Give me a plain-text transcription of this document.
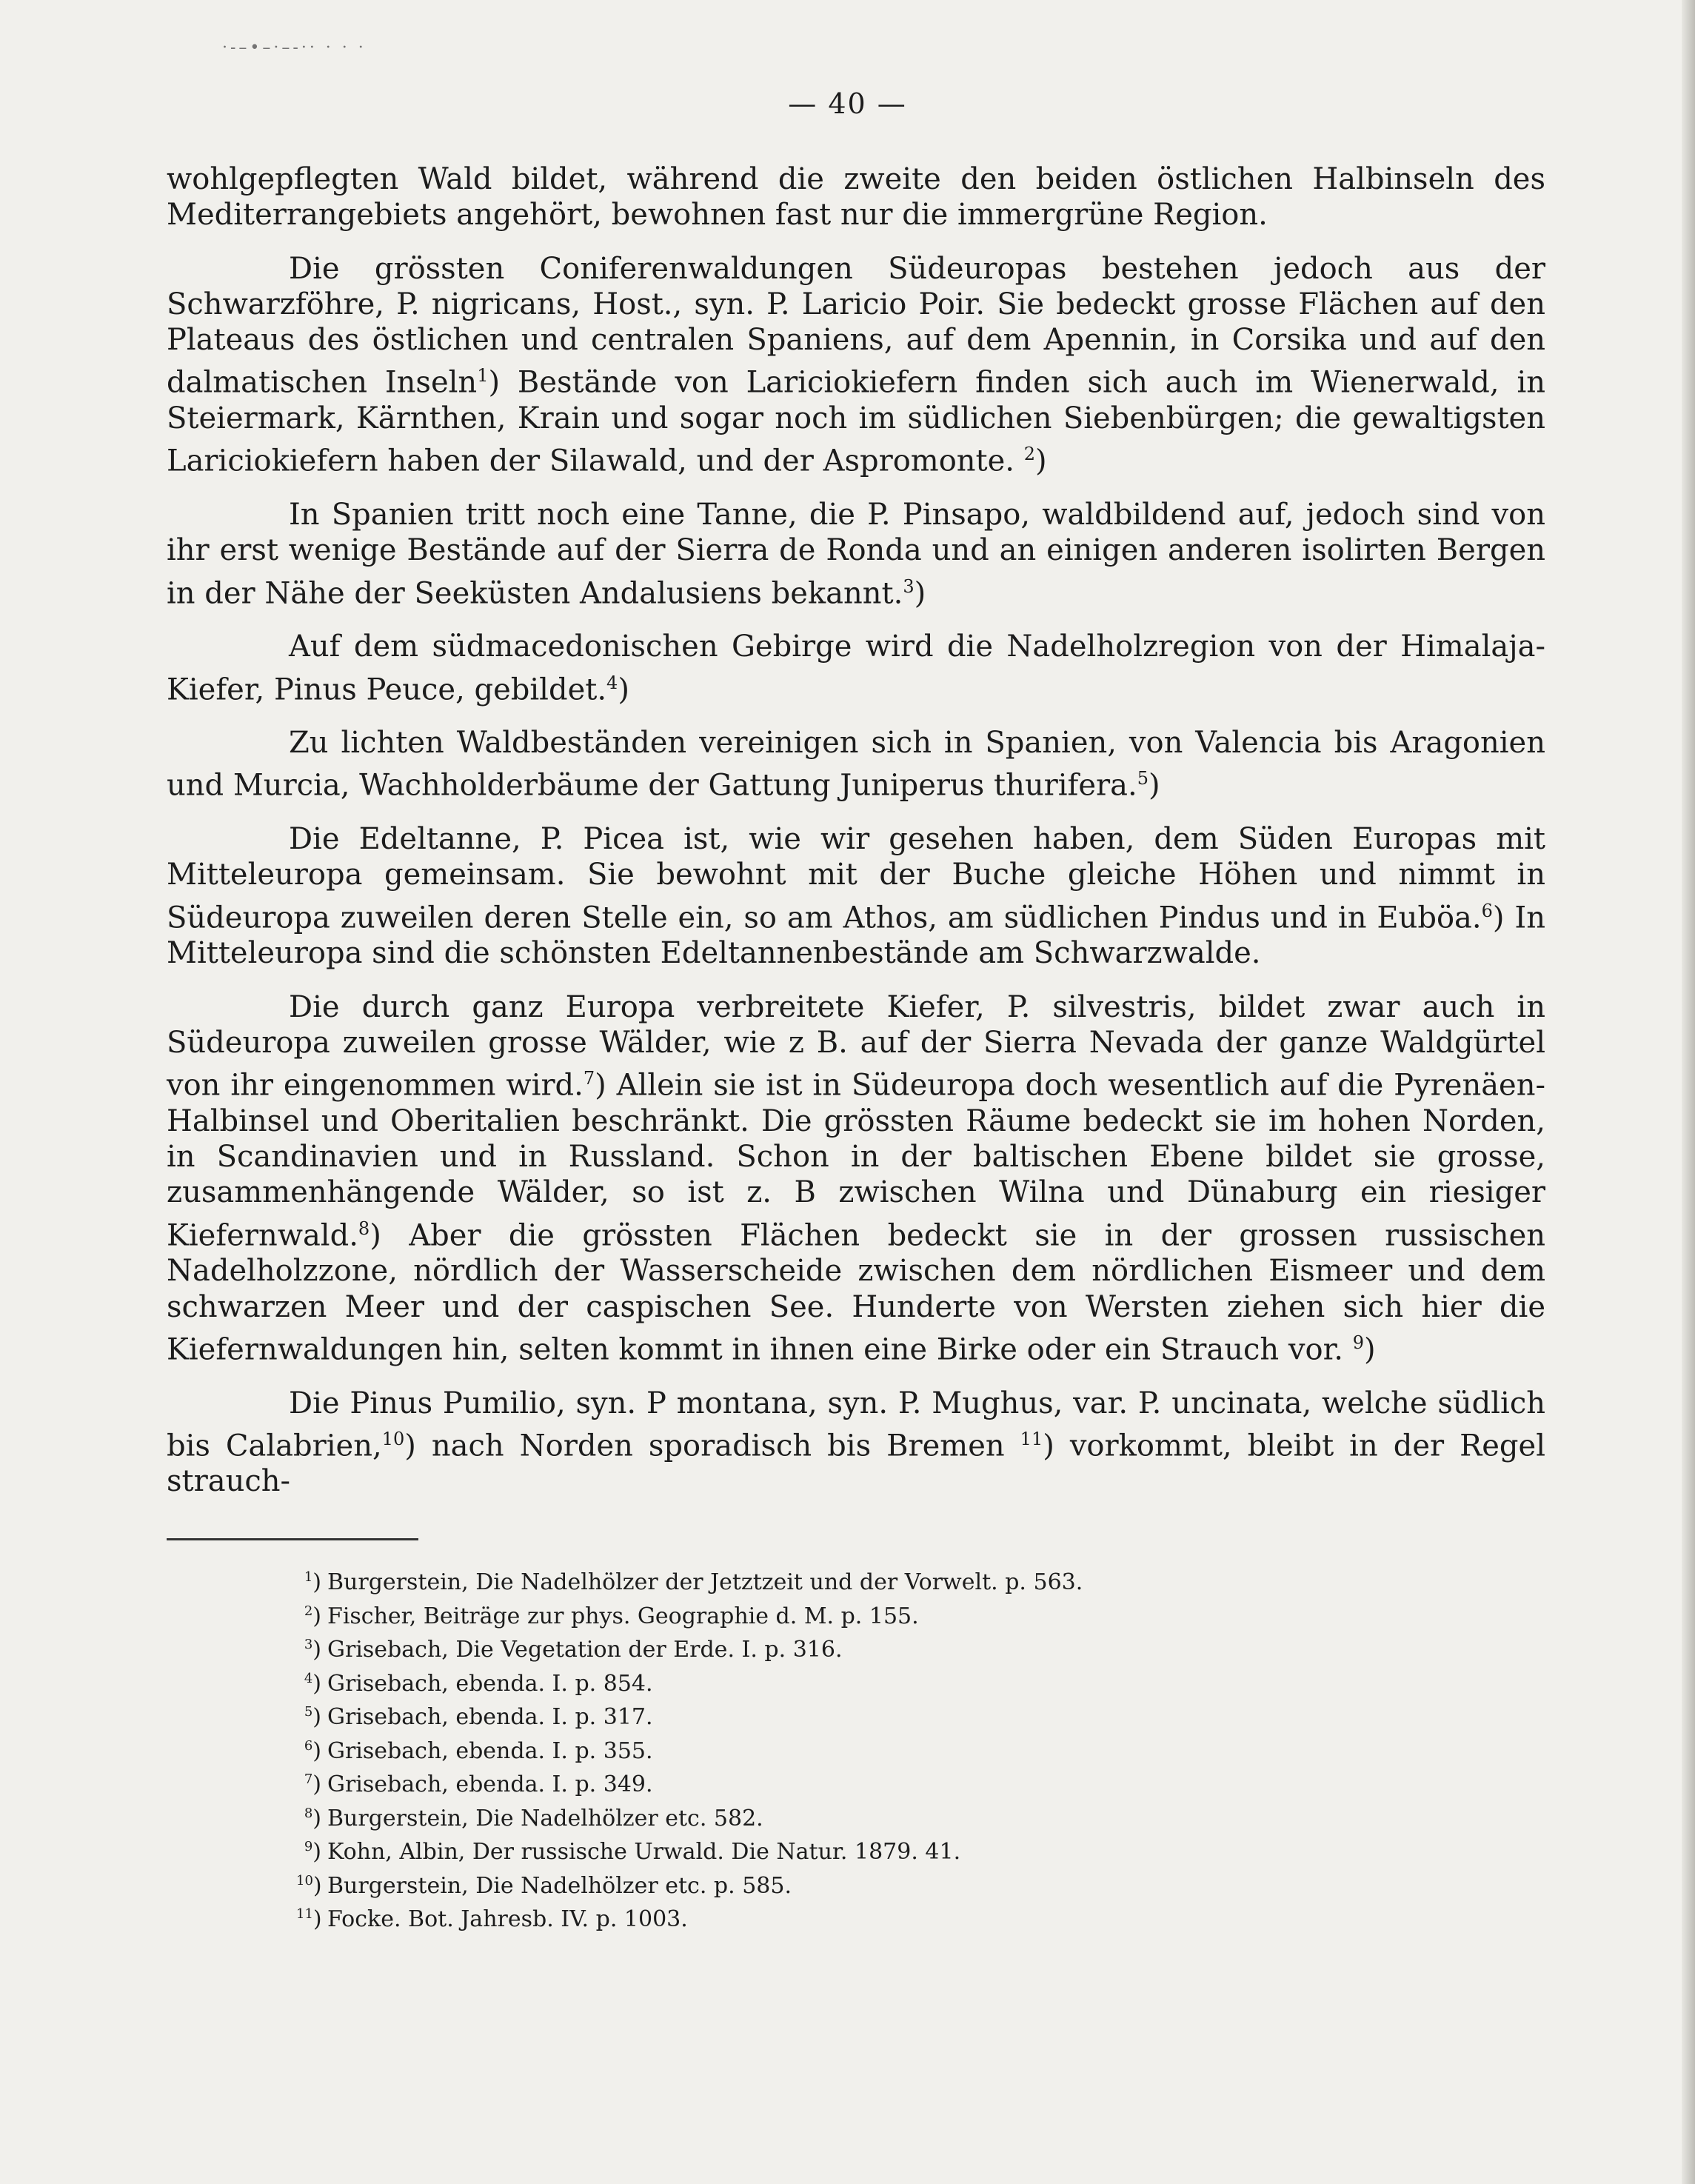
·‑–•–·–‑·· · · ·
— 40 —

wohlgepflegten Wald bildet, während die zweite den beiden östlichen Halbinseln des Mediterrangebiets angehört, bewohnen fast nur die immergrüne Region.

Die grössten Coniferenwaldungen Südeuropas bestehen jedoch aus der Schwarzföhre, P. nigricans, Host., syn. P. Laricio Poir. Sie bedeckt grosse Flächen auf den Plateaus des östlichen und centralen Spaniens, auf dem Apennin, in Corsika und auf den dalmatischen Inseln$^1$) Bestände von Lariciokiefern finden sich auch im Wienerwald, in Steiermark, Kärnthen, Krain und sogar noch im südlichen Siebenbürgen; die gewaltigsten Lariciokiefern haben der Silawald, und der Aspromonte. $^2$)

In Spanien tritt noch eine Tanne, die P. Pinsapo, waldbildend auf, jedoch sind von ihr erst wenige Bestände auf der Sierra de Ronda und an einigen anderen isolirten Bergen in der Nähe der Seeküsten Andalusiens bekannt.$^3$)

Auf dem südmacedonischen Gebirge wird die Nadelholzregion von der Himalaja-Kiefer, Pinus Peuce, gebildet.$^4$)

Zu lichten Waldbeständen vereinigen sich in Spanien, von Valencia bis Aragonien und Murcia, Wachholderbäume der Gattung Juniperus thurifera.$^5$)

Die Edeltanne, P. Picea ist, wie wir gesehen haben, dem Süden Europas mit Mitteleuropa gemeinsam. Sie bewohnt mit der Buche gleiche Höhen und nimmt in Südeuropa zuweilen deren Stelle ein, so am Athos, am südlichen Pindus und in Euböa.$^6$) In Mitteleuropa sind die schönsten Edeltannenbestände am Schwarzwalde.

Die durch ganz Europa verbreitete Kiefer, P. silvestris, bildet zwar auch in Südeuropa zuweilen grosse Wälder, wie z B. auf der Sierra Nevada der ganze Waldgürtel von ihr eingenommen wird.$^7$) Allein sie ist in Südeuropa doch wesentlich auf die Pyrenäen-Halbinsel und Oberitalien beschränkt. Die grössten Räume bedeckt sie im hohen Norden, in Scandinavien und in Russland. Schon in der baltischen Ebene bildet sie grosse, zusammenhängende Wälder, so ist z. B zwischen Wilna und Dünaburg ein riesiger Kiefernwald.$^8$) Aber die grössten Flächen bedeckt sie in der grossen russischen Nadelholzzone, nördlich der Wasserscheide zwischen dem nördlichen Eismeer und dem schwarzen Meer und der caspischen See. Hunderte von Wersten ziehen sich hier die Kiefernwaldungen hin, selten kommt in ihnen eine Birke oder ein Strauch vor. $^9$)

Die Pinus Pumilio, syn. P montana, syn. P. Mughus, var. P. uncinata, welche südlich bis Calabrien,$^{10}$) nach Norden sporadisch bis Bremen $^{11}$) vorkommt, bleibt in der Regel strauch-

$^1$ ) Burgerstein, Die Nadelhölzer der Jetztzeit und der Vorwelt. p. 563.
$^2$ ) Fischer, Beiträge zur phys. Geographie d. M. p. 155.
$^3$ ) Grisebach, Die Vegetation der Erde. I. p. 316.
$^4$ ) Grisebach, ebenda. I. p. 854.
$^5$ ) Grisebach, ebenda. I. p. 317.
$^6$ ) Grisebach, ebenda. I. p. 355.
$^7$ ) Grisebach, ebenda. I. p. 349.
$^8$ ) Burgerstein, Die Nadelhölzer etc. 582.
$^9$ ) Kohn, Albin, Der russische Urwald. Die Natur. 1879. 41.
$^{10}$ ) Burgerstein, Die Nadelhölzer etc. p. 585.
$^{11}$ ) Focke. Bot. Jahresb. IV. p. 1003.
